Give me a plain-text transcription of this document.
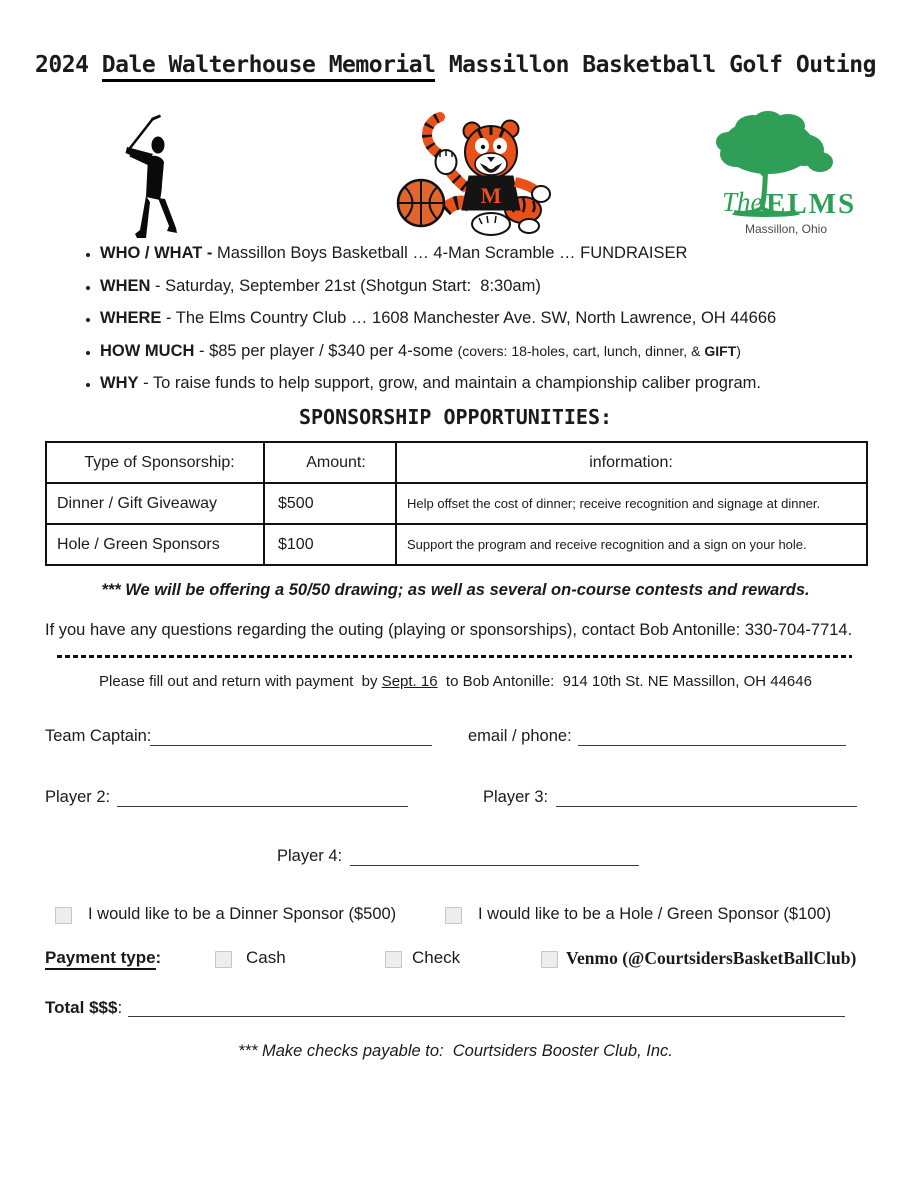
2024 Dale Walterhouse Memorial Massillon Basketball Golf Outing
M	The ELMS
Massillon, Ohio
• WHO / WHAT - Massillon Boys Basketball … 4-Man Scramble … FUNDRAISER
• WHEN - Saturday, September 21st (Shotgun Start:  8:30am)
• WHERE - The Elms Country Club … 1608 Manchester Ave. SW, North Lawrence, OH 44666
• HOW MUCH - $85 per player / $340 per 4-some (covers: 18-holes, cart, lunch, dinner, & GIFT)
• WHY - To raise funds to help support, grow, and maintain a championship caliber program.
SPONSORSHIP OPPORTUNITIES:
Type of Sponsorship:	Amount:	information:
Dinner / Gift Giveaway	$500	Help offset the cost of dinner; receive recognition and signage at dinner.
Hole / Green Sponsors	$100	Support the program and receive recognition and a sign on your hole.

*** We will be offering a 50/50 drawing; as well as several on-course contests and rewards.

If you have any questions regarding the outing (playing or sponsorships), contact Bob Antonille: 330-704-7714.

Please fill out and return with payment  by Sept. 16  to Bob Antonille:  914 10th St. NE Massillon, OH 44646

Team Captain:	email / phone:
Player 2:	Player 3:
Player 4:
I would like to be a Dinner Sponsor ($500)	I would like to be a Hole / Green Sponsor ($100)
Payment type:	Cash	Check	Venmo (@CourtsidersBasketBallClub)
Total $$$:

*** Make checks payable to:  Courtsiders Booster Club, Inc.
